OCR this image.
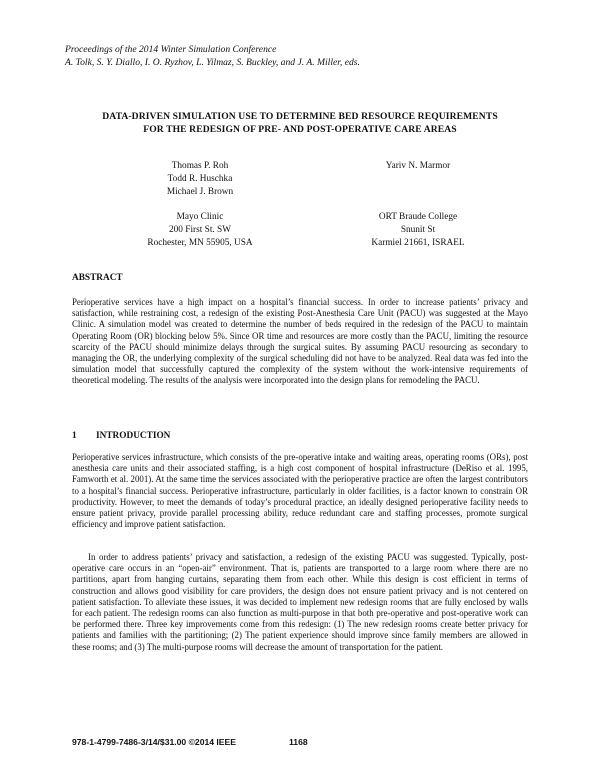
Proceedings of the 2014 Winter Simulation Conference
A. Tolk, S. Y. Diallo, I. O. Ryzhov, L. Yilmaz, S. Buckley, and J. A. Miller, eds.
DATA-DRIVEN SIMULATION USE TO DETERMINE BED RESOURCE REQUIREMENTS
FOR THE REDESIGN OF PRE- AND POST-OPERATIVE CARE AREAS
Thomas P. Roh
Todd R. Huschka
Michael J. Brown
Mayo Clinic
200 First St. SW
Rochester, MN 55905, USA
Yariv N. Marmor
ORT Braude College
Snunit St
Karmiel 21661, ISRAEL
ABSTRACT

Perioperative services have a high impact on a hospital’s financial success. In order to increase patients’ privacy and satisfaction, while restraining cost, a redesign of the existing Post-Anesthesia Care Unit (PACU) was suggested at the Mayo Clinic. A simulation model was created to determine the number of beds required in the redesign of the PACU to maintain Operating Room (OR) blocking below 5%. Since OR time and resources are more costly than the PACU, limiting the resource scarcity of the PACU should minimize delays through the surgical suites. By assuming PACU resourcing as secondary to managing the OR, the underlying complexity of the surgical scheduling did not have to be analyzed. Real data was fed into the simulation model that successfully captured the complexity of the system without the work-intensive requirements of theoretical modeling. The results of the analysis were incorporated into the design plans for remodeling the PACU.

1 INTRODUCTION

Perioperative services infrastructure, which consists of the pre-operative intake and waiting areas, operating rooms (ORs), post anesthesia care units and their associated staffing, is a high cost component of hospital infrastructure (DeRiso et al. 1995, Famworth et al. 2001). At the same time the services associated with the perioperative practice are often the largest contributors to a hospital’s financial success. Perioperative infrastructure, particularly in older facilities, is a factor known to constrain OR productivity. However, to meet the demands of today’s procedural practice, an ideally designed perioperative facility needs to ensure patient privacy, provide parallel processing ability, reduce redundant care and staffing processes, promote surgical efficiency and improve patient satisfaction.

In order to address patients’ privacy and satisfaction, a redesign of the existing PACU was suggested. Typically, post-operative care occurs in an “open-air” environment. That is, patients are transported to a large room where there are no partitions, apart from hanging curtains, separating them from each other. While this design is cost efficient in terms of construction and allows good visibility for care providers, the design does not ensure patient privacy and is not centered on patient satisfaction. To alleviate these issues, it was decided to implement new redesign rooms that are fully enclosed by walls for each patient. The redesign rooms can also function as multi-purpose in that both pre-operative and post-operative work can be performed there. Three key improvements come from this redesign: (1) The new redesign rooms create better privacy for patients and families with the partitioning; (2) The patient experience should improve since family members are allowed in these rooms; and (3) The multi-purpose rooms will decrease the amount of transportation for the patient.

978-1-4799-7486-3/14/$31.00 ©2014 IEEE	1168
